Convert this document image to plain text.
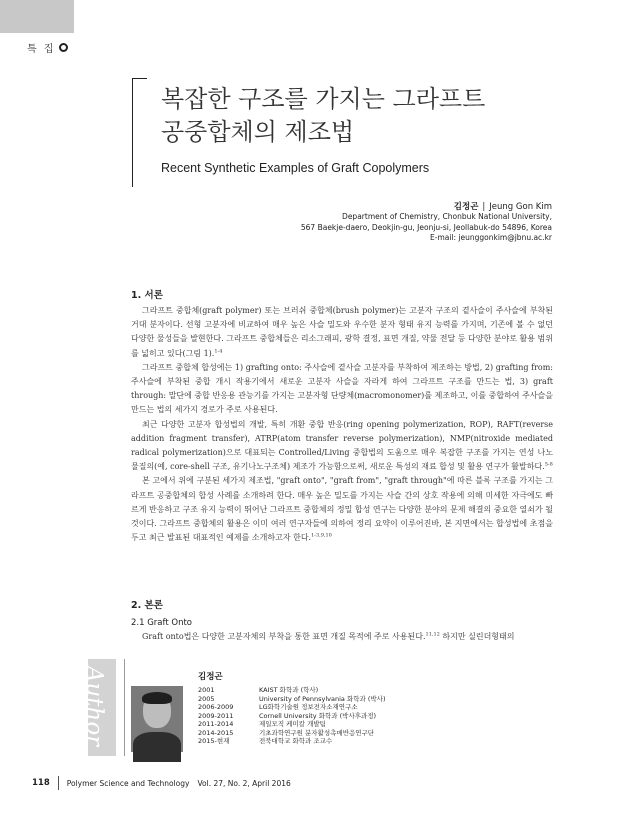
특 집
복잡한 구조를 가지는 그라프트
공중합체의 제조법
Recent Synthetic Examples of Graft Copolymers
김정곤 | Jeung Gon Kim
Department of Chemistry, Chonbuk National University,
567 Baekje-daero, Deokjin-gu, Jeonju-si, Jeollabuk-do 54896, Korea
E-mail: jeunggonkim@jbnu.ac.kr
1. 서론

그라프트 중합체(graft polymer) 또는 브러쉬 중합체(brush polymer)는 고분자 구조의 곁사슬이 주사슬에 부착된 거대 분자이다. 선형 고분자에 비교하여 매우 높은 사슬 밀도와 우수한 분자 형태 유지 능력를 가지며, 기존에 볼 수 없던 다양한 물성들을 발현한다. 그라프트 중합체들은 리소그래피, 광학 결정, 표면 개질, 약물 전달 등 다양한 분야로 활용 범위를 넓히고 있다(그림 1).$^{1-4}$

그라프트 중합체 합성에는 1) grafting onto: 주사슬에 곁사슬 고분자를 부착하여 제조하는 방법, 2) grafting from: 주사슬에 부착된 중합 개시 작용기에서 새로운 고분자 사슬을 자라게 하여 그라프트 구조를 만드는 법, 3) graft through: 말단에 중합 반응용 관능기를 가지는 고분자형 단량체(macromonomer)를 제조하고, 이를 중합하여 주사슬을 만드는 법의 세가지 경로가 주로 사용된다.

최근 다양한 고분자 합성법의 개발, 특히 개환 중합 반응(ring opening polymerization, ROP), RAFT(reverse addition fragment transfer), ATRP(atom transfer reverse polymerization), NMP(nitroxide mediated radical polymerization)으로 대표되는 Controlled/Living 중합법의 도움으로 매우 복잡한 구조를 가지는 연성 나노물질의(예, core-shell 구조, 유기나노구조체) 제조가 가능함으로써, 새로운 특성의 재료 합성 및 활용 연구가 활발하다.$^{5-8}$

본 고에서 위에 구분된 세가지 제조법, "graft onto", "graft from", "graft through"에 따른 블록 구조를 가지는 그라프트 공중합체의 합성 사례를 소개하려 한다. 매우 높은 밀도를 가지는 사슬 간의 상호 작용에 의해 미세한 자극에도 빠르게 반응하고 구조 유지 능력이 뛰어난 그라프트 중합체의 정밀 합성 연구는 다양한 분야의 문제 해결의 중요한 열쇠가 될 것이다. 그라프트 중합체의 활용은 이미 여러 연구자들에 의하여 정리 요약이 이루어진바, 본 지면에서는 합성법에 초점을 두고 최근 발표된 대표적인 예제를 소개하고자 한다.$^{1-3,9,10}$

2. 본론
2.1 Graft Onto

Graft onto법은 다양한 고분자체의 부착을 통한 표면 개질 목적에 주로 사용된다.$^{11,12}$ 하지만 실린더형태의

Author	김정곤
2001	KAIST 화학과 (학사)
2005	University of Pennsylvania 화학과 (박사)
2006-2009	LG화학기술원 정보전자소재연구소
2009-2011	Cornell University 화학과 (박사후과정)
2011-2014	제일모직 케미칼 개발팀
2014-2015	기초과학연구원 분자활성촉매반응연구단
2015-현재	전북대학교 화학과 조교수
118 Polymer Science and Technology Vol. 27, No. 2, April 2016
